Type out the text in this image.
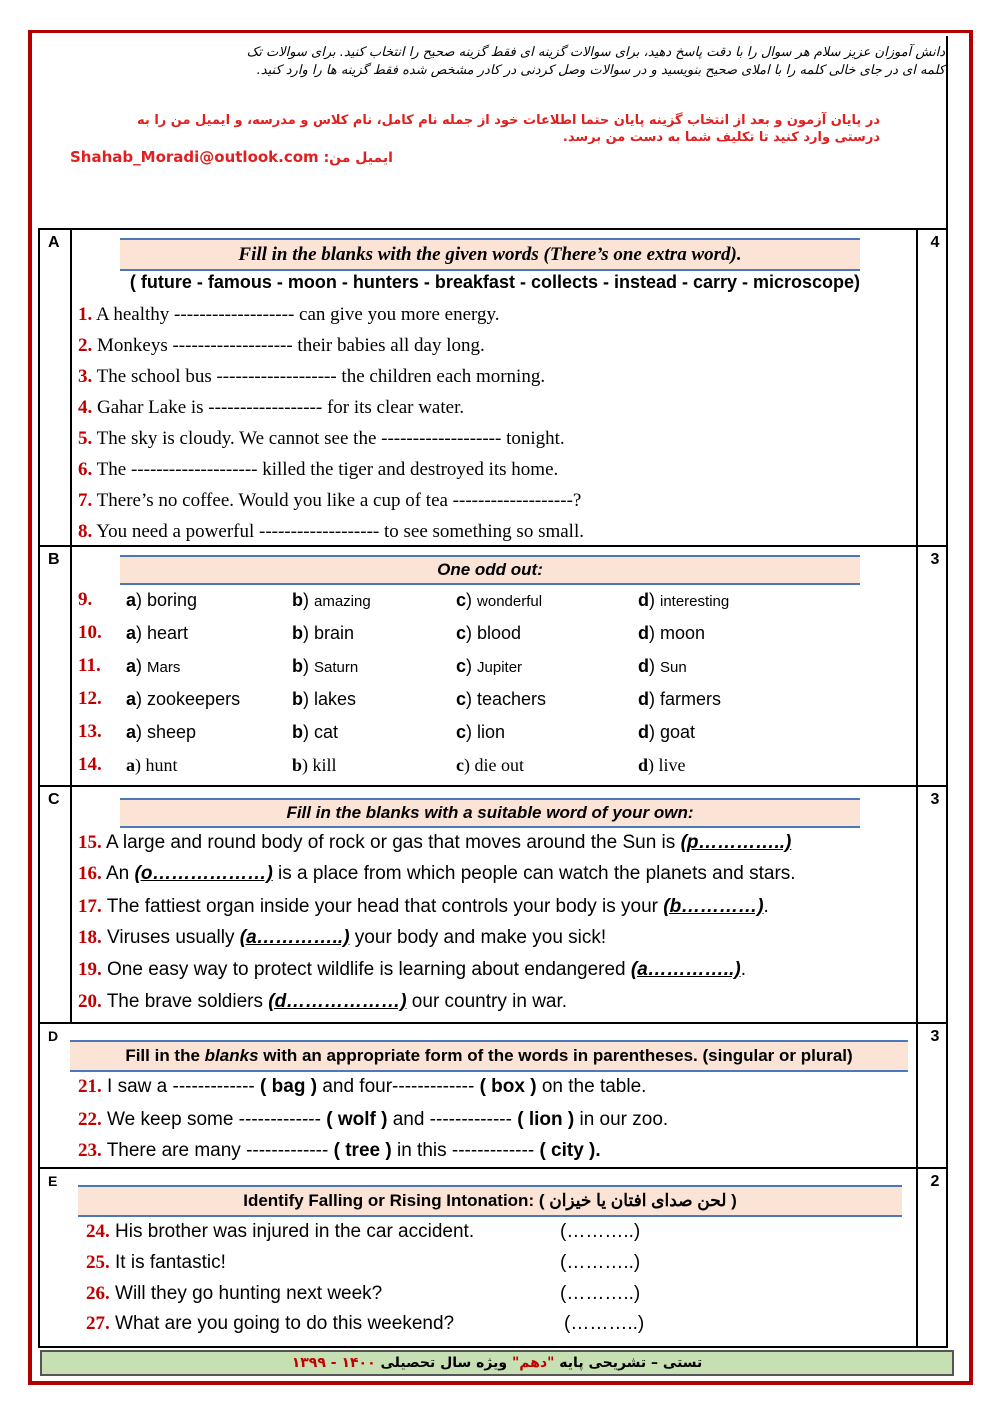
دانش آموزان عزیز سلام هر سوال را با دقت پاسخ دهید، برای سوالات گزینه ای فقط گزینه صحیح را انتخاب کنید. برای سوالات تک
کلمه ای در جای خالی کلمه را با املای صحیح بنویسید و در سوالات وصل کردنی در کادر مشخص شده فقط گزینه ها را وارد کنید.
در پایان آزمون و بعد از انتخاب گزینه پایان حتما اطلاعات خود از جمله نام کامل، نام کلاس و مدرسه، و ایمیل من را به
درستی وارد کنید تا تکلیف شما به دست من برسد.
ایمیل من: Shahab_Moradi@outlook.com
A	4
Fill in the blanks with the given words (There’s one extra word).
( future - famous - moon - hunters - breakfast - collects - instead - carry - microscope)
1. A healthy ------------------- can give you more energy.
2. Monkeys ------------------- their babies all day long.
3. The school bus ------------------- the children each morning.
4. Gahar Lake is ------------------ for its clear water.
5. The sky is cloudy. We cannot see the ------------------- tonight.
6. The -------------------- killed the tiger and destroyed its home.
7. There’s no coffee. Would you like a cup of tea -------------------?
8. You need a powerful ------------------- to see something so small.
B	3
One odd out:
9. a) boring	b) amazing	c) wonderful	d) interesting
10. a) heart	b) brain	c) blood	d) moon
11. a) Mars	b) Saturn	c) Jupiter	d) Sun
12. a) zookeepers	b) lakes	c) teachers	d) farmers
13. a) sheep	b) cat	c) lion	d) goat
14. a) hunt	b) kill	c) die out	d) live
C	3
Fill in the blanks with a suitable word of your own:
15. A large and round body of rock or gas that moves around the Sun is (p…………..)
16. An (o………………) is a place from which people can watch the planets and stars.
17. The fattiest organ inside your head that controls your body is your (b…………).
18. Viruses usually (a…………..) your body and make you sick!
19. One easy way to protect wildlife is learning about endangered (a…………..).
20. The brave soldiers (d………………) our country in war.
D	3
Fill in the blanks with an appropriate form of the words in parentheses. (singular or plural)
21. I saw a ------------- ( bag ) and four------------- ( box ) on the table.
22. We keep some ------------- ( wolf ) and ------------- ( lion ) in our zoo.
23. There are many ------------- ( tree ) in this ------------- ( city ).
E	2
Identify Falling or Rising Intonation: ( لحن صدای افتان یا خیزان )
24. His brother was injured in the car accident.	(………..)
25. It is fantastic!	(………..)
26. Will they go hunting next week?	(………..)
27. What are you going to do this weekend?	(………..)
تستی – تشریحی پایه "دهم" ویژه سال تحصیلی ۱۴۰۰ - ۱۳۹۹
